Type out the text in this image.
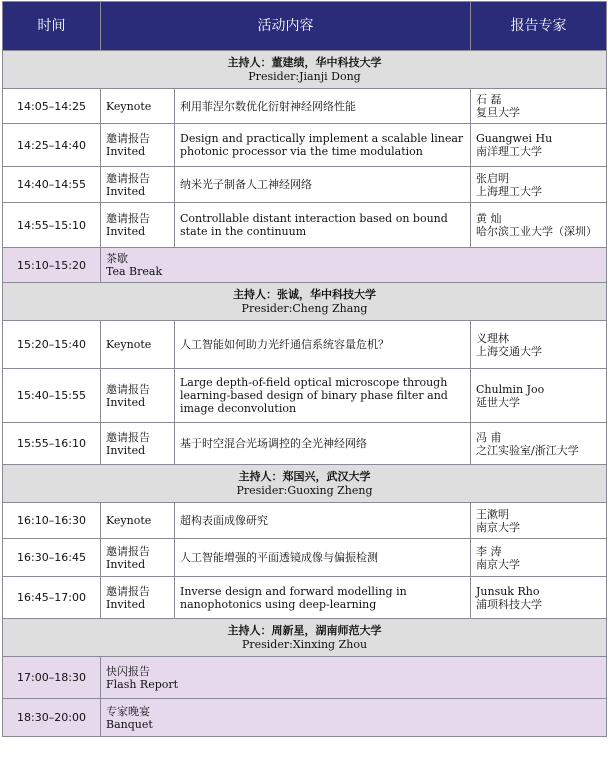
时间	活动内容		报告专家

主持人：董建绩，华中科技大学
Presider:Jianji Dong			

14:05–14:25	Keynote	利用菲涅尔数优化衍射神经网络性能	石 磊
复旦大学

14:25–14:40	邀请报告
Invited	Design and practically implement a scalable linear photonic processor via the time modulation	Guangwei Hu
南洋理工大学

14:40–14:55	邀请报告
Invited	纳米光子制备人工神经网络	张启明
上海理工大学

14:55–15:10	邀请报告
Invited	Controllable distant interaction based on bound state in the continuum	黄 灿
哈尔滨工业大学（深圳）

15:10–15:20	茶歇
Tea Break		

主持人：张诚，华中科技大学
Presider:Cheng Zhang			

15:20–15:40	Keynote	人工智能如何助力光纤通信系统容量危机？	义理林
上海交通大学

15:40–15:55	邀请报告
Invited	Large depth-of-field optical microscope through learning-based design of binary phase filter and image deconvolution	Chulmin Joo
延世大学

15:55–16:10	邀请报告
Invited	基于时空混合光场调控的全光神经网络	冯 甫
之江实验室/浙江大学

主持人：郑国兴，武汉大学
Presider:Guoxing Zheng			

16:10–16:30	Keynote	超构表面成像研究	王漱明
南京大学

16:30–16:45	邀请报告
Invited	人工智能增强的平面透镜成像与偏振检测	李 涛
南京大学

16:45–17:00	邀请报告
Invited	Inverse design and forward modelling in nanophotonics using deep-learning	Junsuk Rho
浦项科技大学

主持人：周新星，湖南师范大学
Presider:Xinxing Zhou			

17:00–18:30	快闪报告
Flash Report		

18:30–20:00	专家晚宴
Banquet		
